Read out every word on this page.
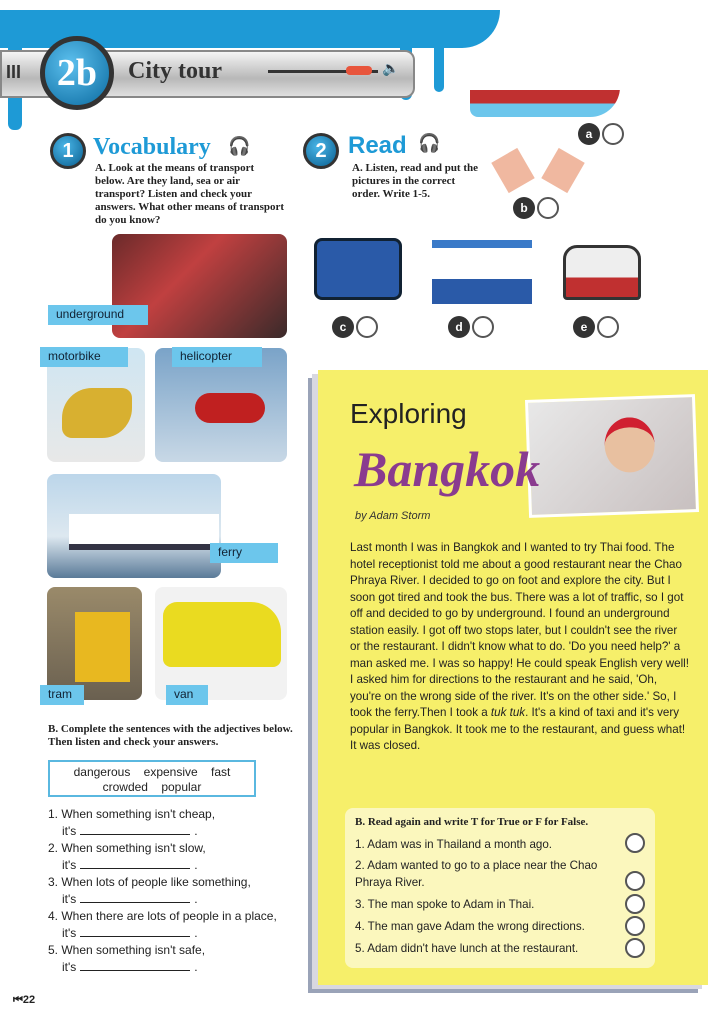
III 2b	City tour	🔈
1 Vocabulary 🎧
A. Look at the means of transport below. Are they land, sea or air transport? Listen and check your answers. What other means of transport do you know?
2 Read 🎧
A. Listen, read and put the pictures in the correct order. Write 1-5.
underground
motorbike	helicopter
ferry
tram	van
a
b
c	d	e
Exploring
Bangkok
by Adam Storm
Last month I was in Bangkok and I wanted to try Thai food. The hotel receptionist told me about a good restaurant near the Chao Phraya River. I decided to go on foot and explore the city. But I soon got tired and took the bus. There was a lot of traffic, so I got off and decided to go by underground. I found an underground station easily. I got off two stops later, but I couldn't see the river or the restaurant. I didn't know what to do. 'Do you need help?' a man asked me. I was so happy! He could speak English very well! I asked him for directions to the restaurant and he said, 'Oh, you're on the wrong side of the river. It's on the other side.' So, I took the ferry.Then I took a tuk tuk. It's a kind of taxi and it's very popular in Bangkok. It took me to the restaurant, and guess what! It was closed.
B. Read again and write T for True or F for False.
1. Adam was in Thailand a month ago.
2. Adam wanted to go to a place near the Chao Phraya River.
3. The man spoke to Adam in Thai.
4. The man gave Adam the wrong directions.
5. Adam didn't have lunch at the restaurant.
B. Complete the sentences with the adjectives below. Then listen and check your answers.
dangerous    expensive    fast
crowded    popular
1. When something isn't cheap,
it's	.
2. When something isn't slow,
it's	.
3. When lots of people like something,
it's	.
4. When there are lots of people in a place,
it's	.
5. When something isn't safe,
it's	.
⏮22
